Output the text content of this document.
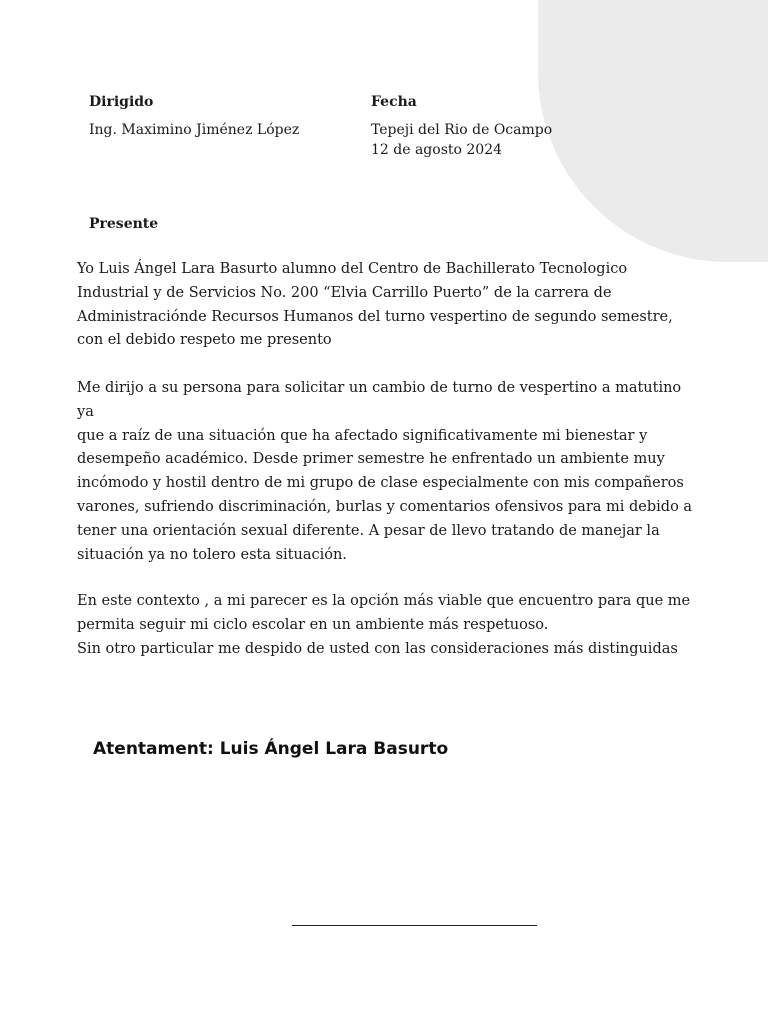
Dirigido
Ing. Maximino Jiménez López
Fecha
Tepeji del Rio de Ocampo
12 de agosto 2024
Presente
Yo Luis Ángel Lara Basurto alumno del Centro de Bachillerato Tecnologico
Industrial y de Servicios No. 200 “Elvia Carrillo Puerto” de la carrera de
Administraciónde Recursos Humanos del turno vespertino de segundo semestre,
con el debido respeto me presento
Me dirijo a su persona para solicitar un cambio de turno de vespertino a matutino ya
que a raíz de una situación que ha afectado significativamente mi bienestar y
desempeño académico. Desde primer semestre he enfrentado un ambiente muy
incómodo y hostil dentro de mi grupo de clase especialmente con mis compañeros
varones, sufriendo discriminación, burlas y comentarios ofensivos para mi debido a
tener una orientación sexual diferente. A pesar de llevo tratando de manejar la
situación ya no tolero esta situación.
En este contexto , a mi parecer es la opción más viable que encuentro para que me
permita seguir mi ciclo escolar en un ambiente más respetuoso.
Sin otro particular me despido de usted con las consideraciones más distinguidas
Atentament: Luis Ángel Lara Basurto
